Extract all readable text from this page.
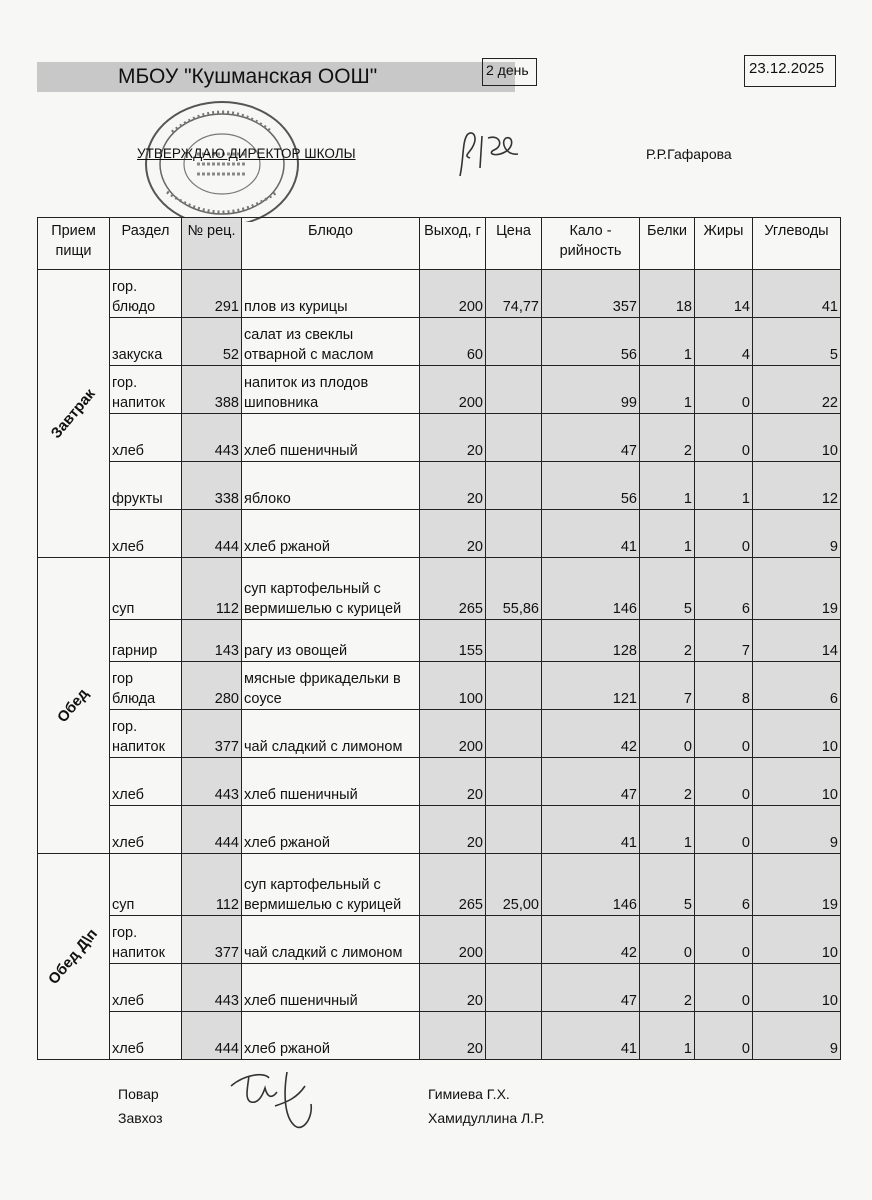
МБОУ "Кушманская ООШ"	2 день	23.12.2025
УТВЕРЖДАЮ ДИРЕКТОР ШКОЛЫ	Р.Р.Гафарова
Прием пищи	Раздел	№ рец.	Блюдо	Выход, г	Цена	Кало - рийность	Белки	Жиры	Углеводы
Завтрак	гор. блюдо	291	плов из курицы	200	74,77	357	18	14	41
	закуска	52	салат из свеклы отварной с маслом	60		56	1	4	5
	гор. напиток	388	напиток из плодов шиповника	200		99	1	0	22
	хлеб	443	хлеб пшеничный	20		47	2	0	10
	фрукты	338	яблоко	20		56	1	1	12
	хлеб	444	хлеб ржаной	20		41	1	0	9
Обед	суп	112	суп картофельный с вермишелью с курицей	265	55,86	146	5	6	19
	гарнир	143	рагу из овощей	155		128	2	7	14
	гор блюда	280	мясные фрикадельки в соусе	100		121	7	8	6
	гор. напиток	377	чай сладкий с лимоном	200		42	0	0	10
	хлеб	443	хлеб пшеничный	20		47	2	0	10
	хлеб	444	хлеб ржаной	20		41	1	0	9
Обед Д\п	суп	112	суп картофельный с вермишелью с курицей	265	25,00	146	5	6	19
	гор. напиток	377	чай сладкий с лимоном	200		42	0	0	10
	хлеб	443	хлеб пшеничный	20		47	2	0	10
	хлеб	444	хлеб ржаной	20		41	1	0	9
Повар
Завхоз
Гимиева Г.Х.
Хамидуллина Л.Р.
